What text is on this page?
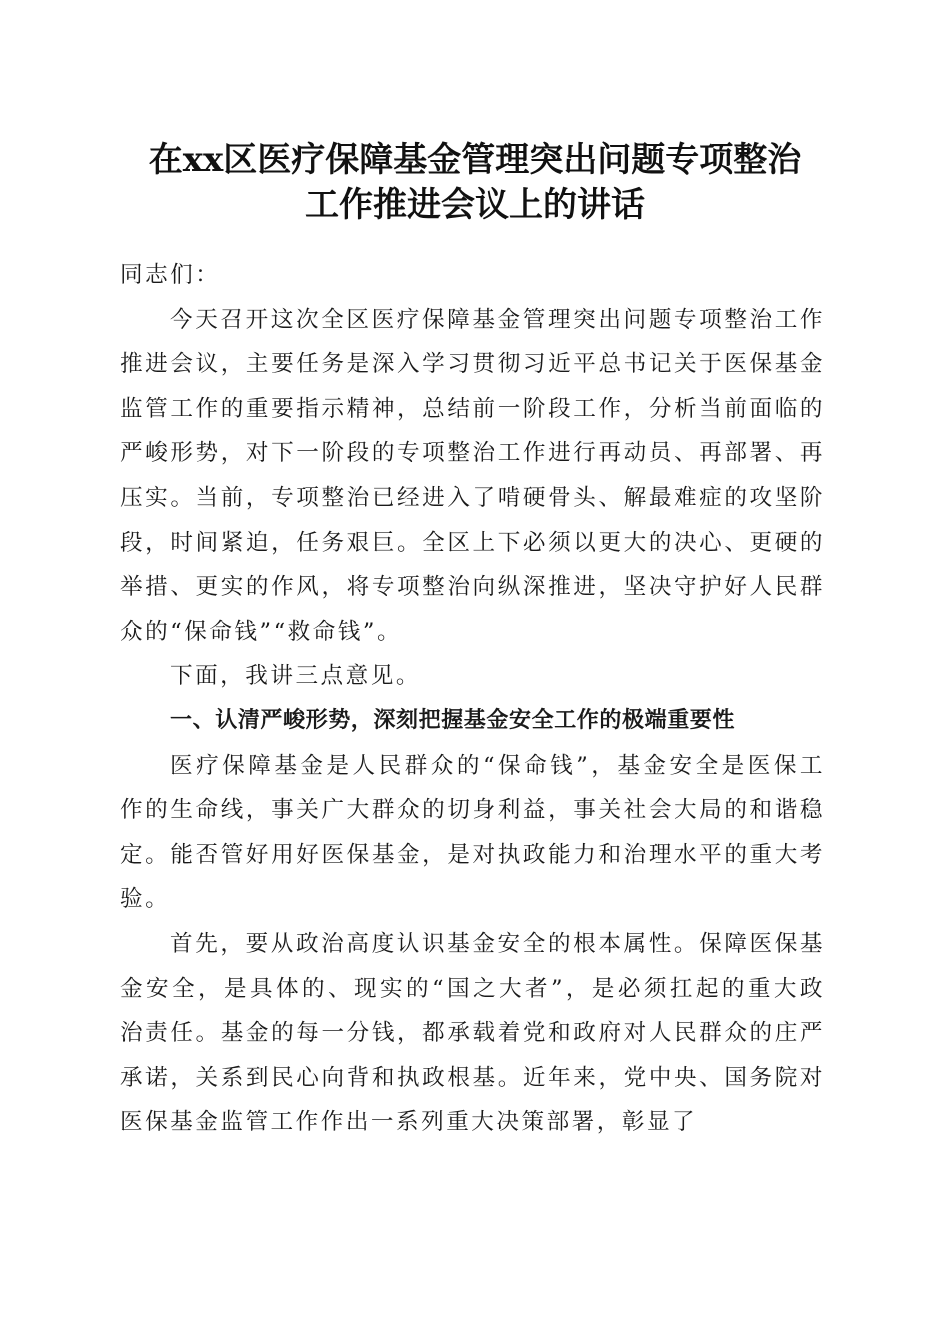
在xx区医疗保障基金管理突出问题专项整治
工作推进会议上的讲话

同志们：

今天召开这次全区医疗保障基金管理突出问题专项整治工作推进会议，主要任务是深入学习贯彻习近平总书记关于医保基金监管工作的重要指示精神，总结前一阶段工作，分析当前面临的严峻形势，对下一阶段的专项整治工作进行再动员、再部署、再压实。当前，专项整治已经进入了啃硬骨头、解最难症的攻坚阶段，时间紧迫，任务艰巨。全区上下必须以更大的决心、更硬的举措、更实的作风，将专项整治向纵深推进，坚决守护好人民群众的“保命钱”“救命钱”。

下面，我讲三点意见。

一、认清严峻形势，深刻把握基金安全工作的极端重要性

医疗保障基金是人民群众的“保命钱”，基金安全是医保工作的生命线，事关广大群众的切身利益，事关社会大局的和谐稳定。能否管好用好医保基金，是对执政能力和治理水平的重大考验。

首先，要从政治高度认识基金安全的根本属性。保障医保基金安全，是具体的、现实的“国之大者”，是必须扛起的重大政治责任。基金的每一分钱，都承载着党和政府对人民群众的庄严承诺，关系到民心向背和执政根基。近年来，党中央、国务院对医保基金监管工作作出一系列重大决策部署，彰显了
